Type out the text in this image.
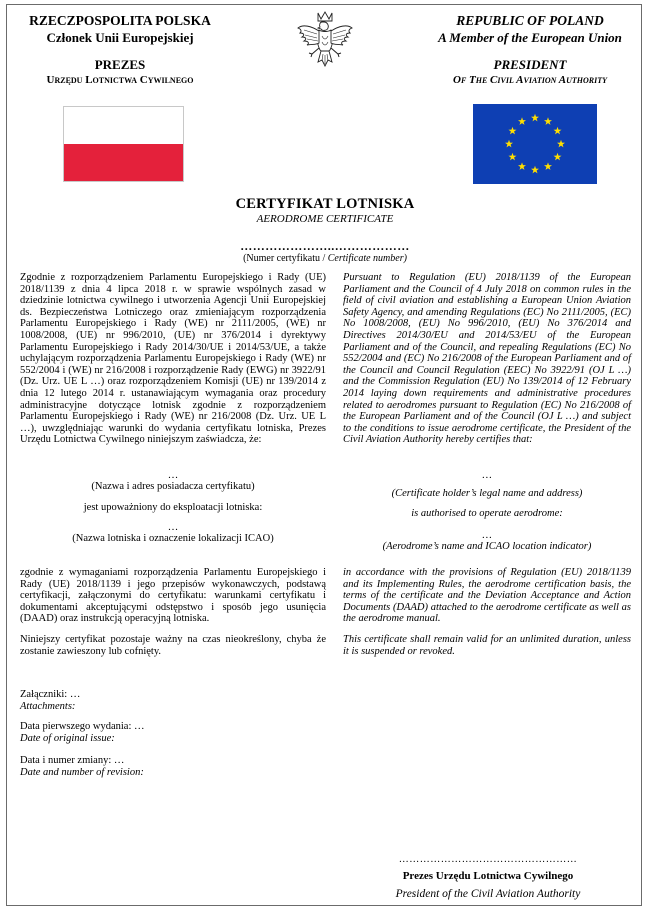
RZECZPOSPOLITA POLSKA
Członek Unii Europejskiej
PREZES
Urzędu Lotnictwa Cywilnego
REPUBLIC OF POLAND
A Member of the European Union
PRESIDENT
Of The Civil Aviation Authority
CERTYFIKAT LOTNISKA
AERODROME CERTIFICATE
…………………..………………
(Numer certyfikatu / Certificate number)
Zgodnie z rozporządzeniem Parlamentu Europejskiego i Rady (UE) 2018/1139 z dnia 4 lipca 2018 r. w sprawie wspólnych zasad w dziedzinie lotnictwa cywilnego i utworzenia Agencji Unii Europejskiej ds. Bezpieczeństwa Lotniczego oraz zmieniającym rozporządzenia Parlamentu Europejskiego i Rady (WE) nr 2111/2005, (WE) nr 1008/2008, (UE) nr 996/2010, (UE) nr 376/2014 i dyrektywy Parlamentu Europejskiego i Rady 2014/30/UE i 2014/53/UE, a także uchylającym rozporządzenia Parlamentu Europejskiego i Rady (WE) nr 552/2004 i (WE) nr 216/2008 i rozporządzenie Rady (EWG) nr 3922/91 (Dz. Urz. UE L …) oraz rozporządzeniem Komisji (UE) nr 139/2014 z dnia 12 lutego 2014 r. ustanawiającym wymagania oraz procedury administracyjne dotyczące lotnisk zgodnie z rozporządzeniem Parlamentu Europejskiego i Rady (WE) nr 216/2008 (Dz. Urz. UE L …), uwzględniając warunki do wydania certyfikatu lotniska, Prezes Urzędu Lotnictwa Cywilnego niniejszym zaświadcza, że:
…
(Nazwa i adres posiadacza certyfikatu)
jest upoważniony do eksploatacji lotniska:
…
(Nazwa lotniska i oznaczenie lokalizacji ICAO)
zgodnie z wymaganiami rozporządzenia Parlamentu Europejskiego i Rady (UE) 2018/1139 i jego przepisów wykonawczych, podstawą certyfikacji, załączonymi do certyfikatu: warunkami certyfikatu i dokumentami akceptującymi odstępstwo i sposób jego usunięcia (DAAD) oraz instrukcją operacyjną lotniska.
Niniejszy certyfikat pozostaje ważny na czas nieokreślony, chyba że zostanie zawieszony lub cofnięty.
Pursuant to Regulation (EU) 2018/1139 of the European Parliament and the Council of 4 July 2018 on common rules in the field of civil aviation and establishing a European Union Aviation Safety Agency, and amending Regulations (EC) No 2111/2005, (EC) No 1008/2008, (EU) No 996/2010, (EU) No 376/2014 and Directives 2014/30/EU and 2014/53/EU of the European Parliament and of the Council, and repealing Regulations (EC) No 552/2004 and (EC) No 216/2008 of the European Parliament and of the Council and Council Regulation (EEC) No 3922/91 (OJ L …) and the Commission Regulation (EU) No 139/2014 of 12 February 2014 laying down requirements and administrative procedures related to aerodromes pursuant to Regulation (EC) No 216/2008 of the European Parliament and of the Council (OJ L …) and subject to the conditions to issue aerodrome certificate, the President of the Civil Aviation Authority hereby certifies that:
…
(Certificate holder’s legal name and address)
is authorised to operate aerodrome:
…
(Aerodrome’s name and ICAO location indicator)
in accordance with the provisions of Regulation (EU) 2018/1139 and its Implementing Rules, the aerodrome certification basis, the terms of the certificate and the Deviation Acceptance and Action Documents (DAAD) attached to the aerodrome certificate as well as the aerodrome manual.
This certificate shall remain valid for an unlimited duration, unless it is suspended or revoked.
Załączniki: …
Attachments:
Data pierwszego wydania: …
Date of original issue:
Data i numer zmiany: …
Date and number of revision:
……………………………………………
Prezes Urzędu Lotnictwa Cywilnego
President of the Civil Aviation Authority
